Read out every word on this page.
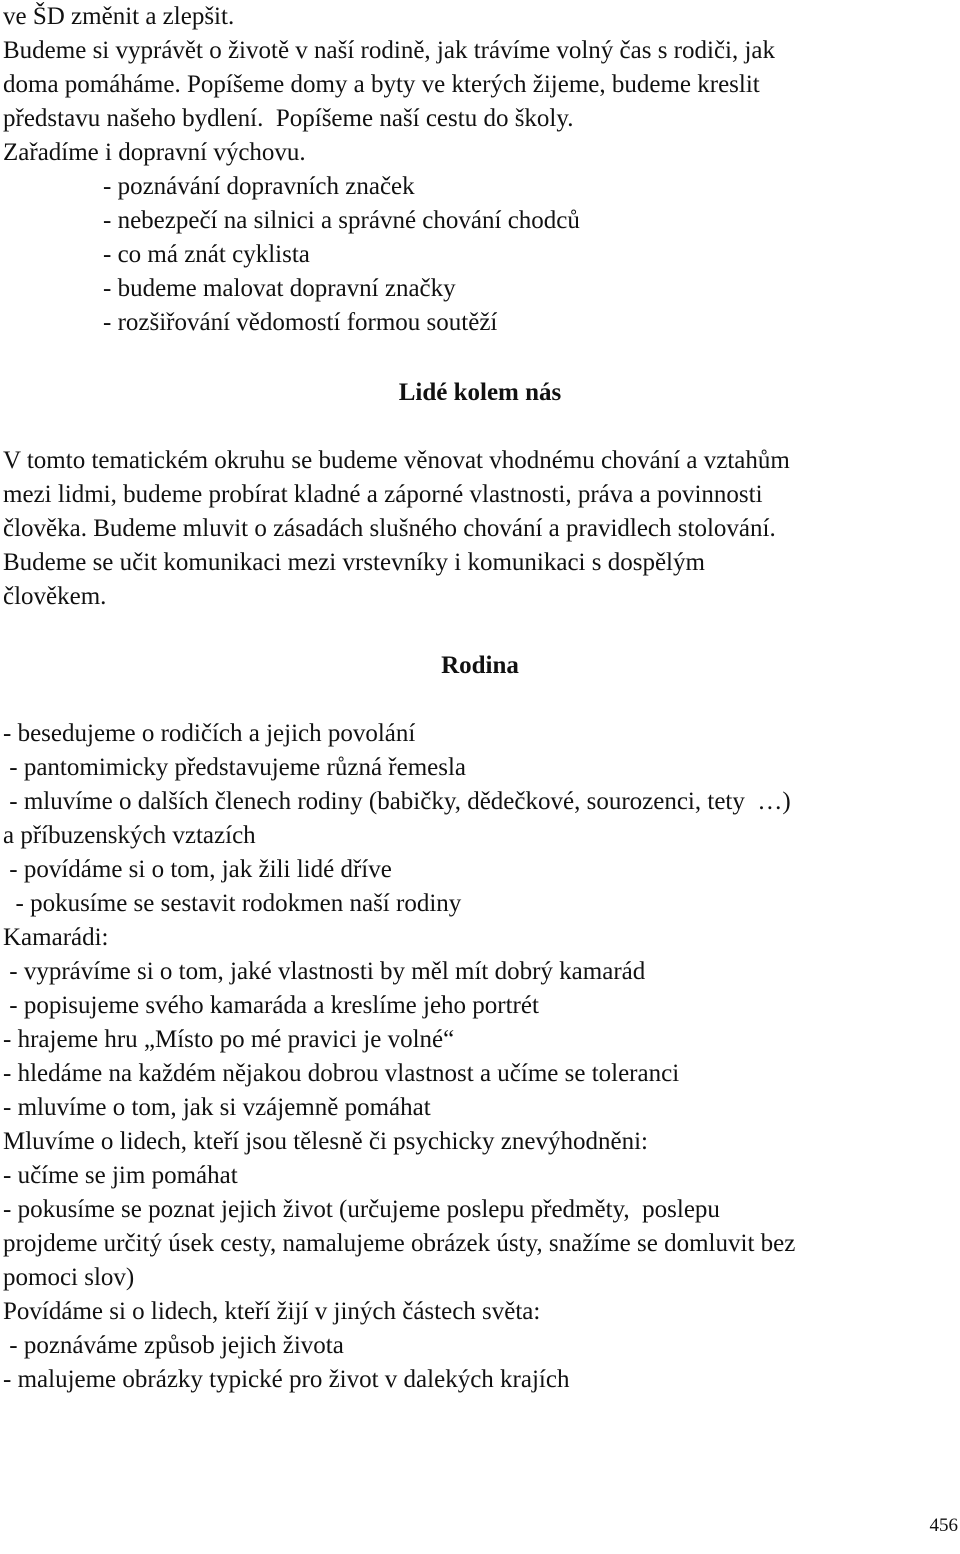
ve ŠD změnit a zlepšit.
Budeme si vyprávět o životě v naší rodině, jak trávíme volný čas s rodiči, jak
doma pomáháme. Popíšeme domy a byty ve kterých žijeme, budeme kreslit
představu našeho bydlení.  Popíšeme naší cestu do školy.
Zařadíme i dopravní výchovu.
- poznávání dopravních značek
- nebezpečí na silnici a správné chování chodců
- co má znát cyklista
- budeme malovat dopravní značky
- rozšiřování vědomostí formou soutěží
Lidé kolem nás
V tomto tematickém okruhu se budeme věnovat vhodnému chování a vztahům
mezi lidmi, budeme probírat kladné a záporné vlastnosti, práva a povinnosti
člověka. Budeme mluvit o zásadách slušného chování a pravidlech stolování.
Budeme se učit komunikaci mezi vrstevníky i komunikaci s dospělým
člověkem.
Rodina
- besedujeme o rodičích a jejich povolání
- pantomimicky představujeme různá řemesla
- mluvíme o dalších členech rodiny (babičky, dědečkové, sourozenci, tety  …)
a příbuzenských vztazích
- povídáme si o tom, jak žili lidé dříve
- pokusíme se sestavit rodokmen naší rodiny
Kamarádi:
- vyprávíme si o tom, jaké vlastnosti by měl mít dobrý kamarád
- popisujeme svého kamaráda a kreslíme jeho portrét
- hrajeme hru „Místo po mé pravici je volné“
- hledáme na každém nějakou dobrou vlastnost a učíme se toleranci
- mluvíme o tom, jak si vzájemně pomáhat
Mluvíme o lidech, kteří jsou tělesně či psychicky znevýhodněni:
- učíme se jim pomáhat
- pokusíme se poznat jejich život (určujeme poslepu předměty,  poslepu
projdeme určitý úsek cesty, namalujeme obrázek ústy, snažíme se domluvit bez
pomoci slov)
Povídáme si o lidech, kteří žijí v jiných částech světa:
- poznáváme způsob jejich života
- malujeme obrázky typické pro život v dalekých krajích
456
